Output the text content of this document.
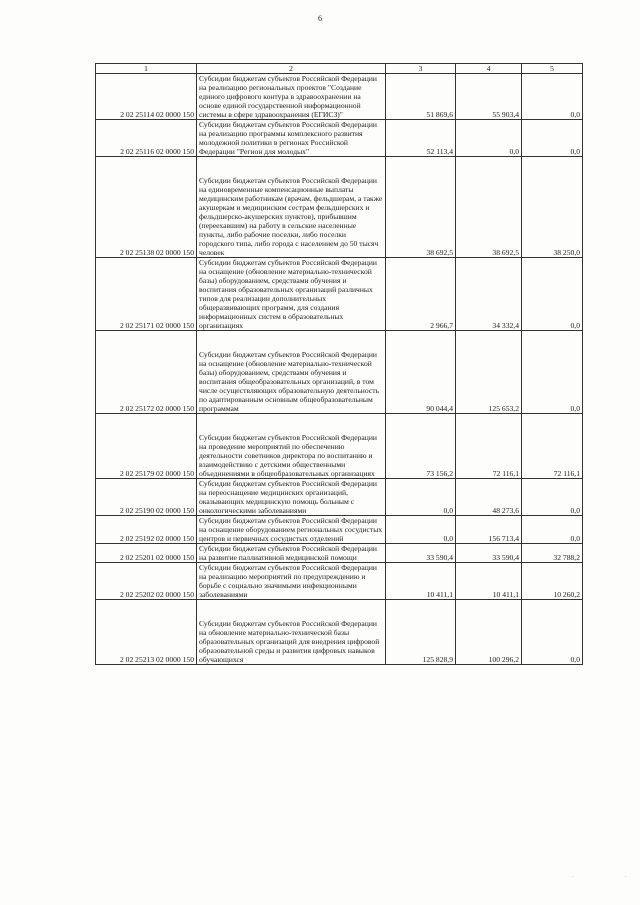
6
1	2	3	4	5
2 02 25114 02 0000 150	Субсидии бюджетам субъектов Российской Федерации на реализацию региональных проектов "Создание единого цифрового контура в здравоохранении на основе единой государственной информационной системы в сфере здравоохранения (ЕГИСЗ)"	51 869,6	55 903,4	0,0
2 02 25116 02 0000 150	Субсидии бюджетам субъектов Российской Федерации на реализацию программы комплексного развития молодежной политики в регионах Российской Федерации "Регион для молодых"	52 113,4	0,0	0,0
2 02 25138 02 0000 150	Субсидии бюджетам субъектов Российской Федерации на единовременные компенсационные выплаты медицинским работникам (врачам, фельдшерам, а также акушеркам и медицинским сестрам фельдшерских и фельдшерско-акушерских пунктов), прибывшим (переехавшим) на работу в сельские населенные пункты, либо рабочие поселки, либо поселки городского типа, либо города с населением до 50 тысяч человек	38 692,5	38 692,5	38 250,0
2 02 25171 02 0000 150	Субсидии бюджетам субъектов Российской Федерации на оснащение (обновление материально-технической базы) оборудованием, средствами обучения и воспитания образовательных организаций различных типов для реализации дополнительных общеразвивающих программ, для создания информационных систем в образовательных организациях	2 966,7	34 332,4	0,0
2 02 25172 02 0000 150	Субсидии бюджетам субъектов Российской Федерации на оснащение (обновление материально-технической базы) оборудованием, средствами обучения и воспитания общеобразовательных организаций, в том числе осуществляющих образовательную деятельность по адаптированным основным общеобразовательным программам	90 044,4	125 653,2	0,0
2 02 25179 02 0000 150	Субсидии бюджетам субъектов Российской Федерации на проведение мероприятий по обеспечению деятельности советников директора по воспитанию и взаимодействию с детскими общественными объединениями в общеобразовательных организациях	73 156,2	72 116,1	72 116,1
2 02 25190 02 0000 150	Субсидии бюджетам субъектов Российской Федерации на переоснащение медицинских организаций, оказывающих медицинскую помощь больным с онкологическими заболеваниями	0,0	48 273,6	0,0
2 02 25192 02 0000 150	Субсидии бюджетам субъектов Российской Федерации на оснащение оборудованием региональных сосудистых центров и первичных сосудистых отделений	0,0	156 713,4	0,0
2 02 25201 02 0000 150	Субсидии бюджетам субъектов Российской Федерации на развитие паллиативной медицинской помощи	33 590,4	33 590,4	32 788,2
2 02 25202 02 0000 150	Субсидии бюджетам субъектов Российской Федерации на реализацию мероприятий по предупреждению и борьбе с социально значимыми инфекционными заболеваниями	10 411,1	10 411,1	10 260,2
2 02 25213 02 0000 150	Субсидии бюджетам субъектов Российской Федерации на обновление материально-технической базы образовательных организаций для внедрения цифровой образовательной среды и развития цифровых навыков обучающихся	125 828,9	100 296,2	0,0
·	·
